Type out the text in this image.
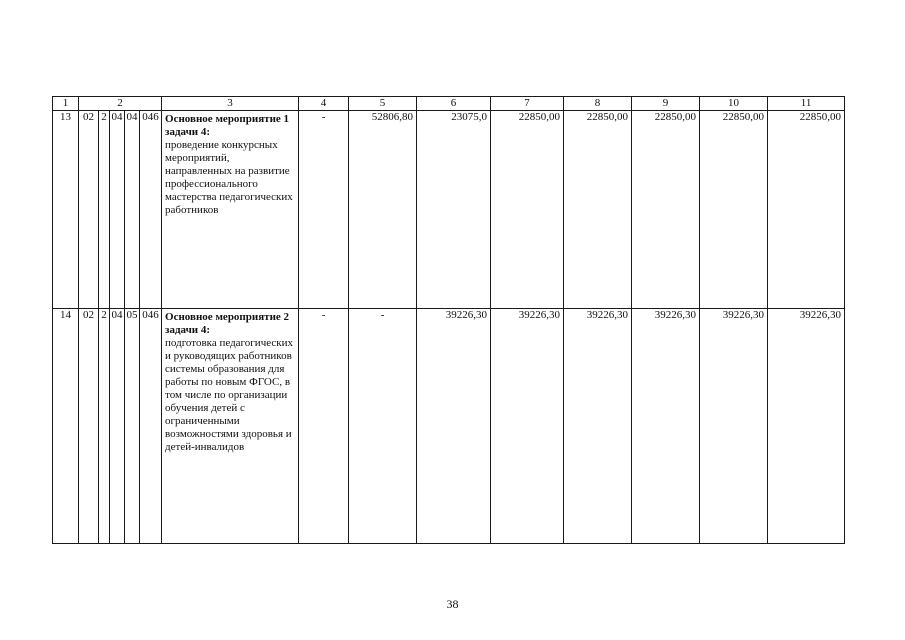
1	2					3	4	5	6	7	8	9	10	11
13	02	2	04	04	046	Основное мероприятие 1 задачи 4:
проведение конкурсных мероприятий, направленных на развитие профессионального мастерства педагогических работников	-	52806,80	23075,0	22850,00	22850,00	22850,00	22850,00	22850,00
14	02	2	04	05	046	Основное мероприятие 2 задачи 4:
подготовка педагогических и руководящих работников системы образования для работы по новым ФГОС, в том числе по организации обучения детей с ограниченными возможностями здоровья и детей-инвалидов	-	-	39226,30	39226,30	39226,30	39226,30	39226,30	39226,30
38
